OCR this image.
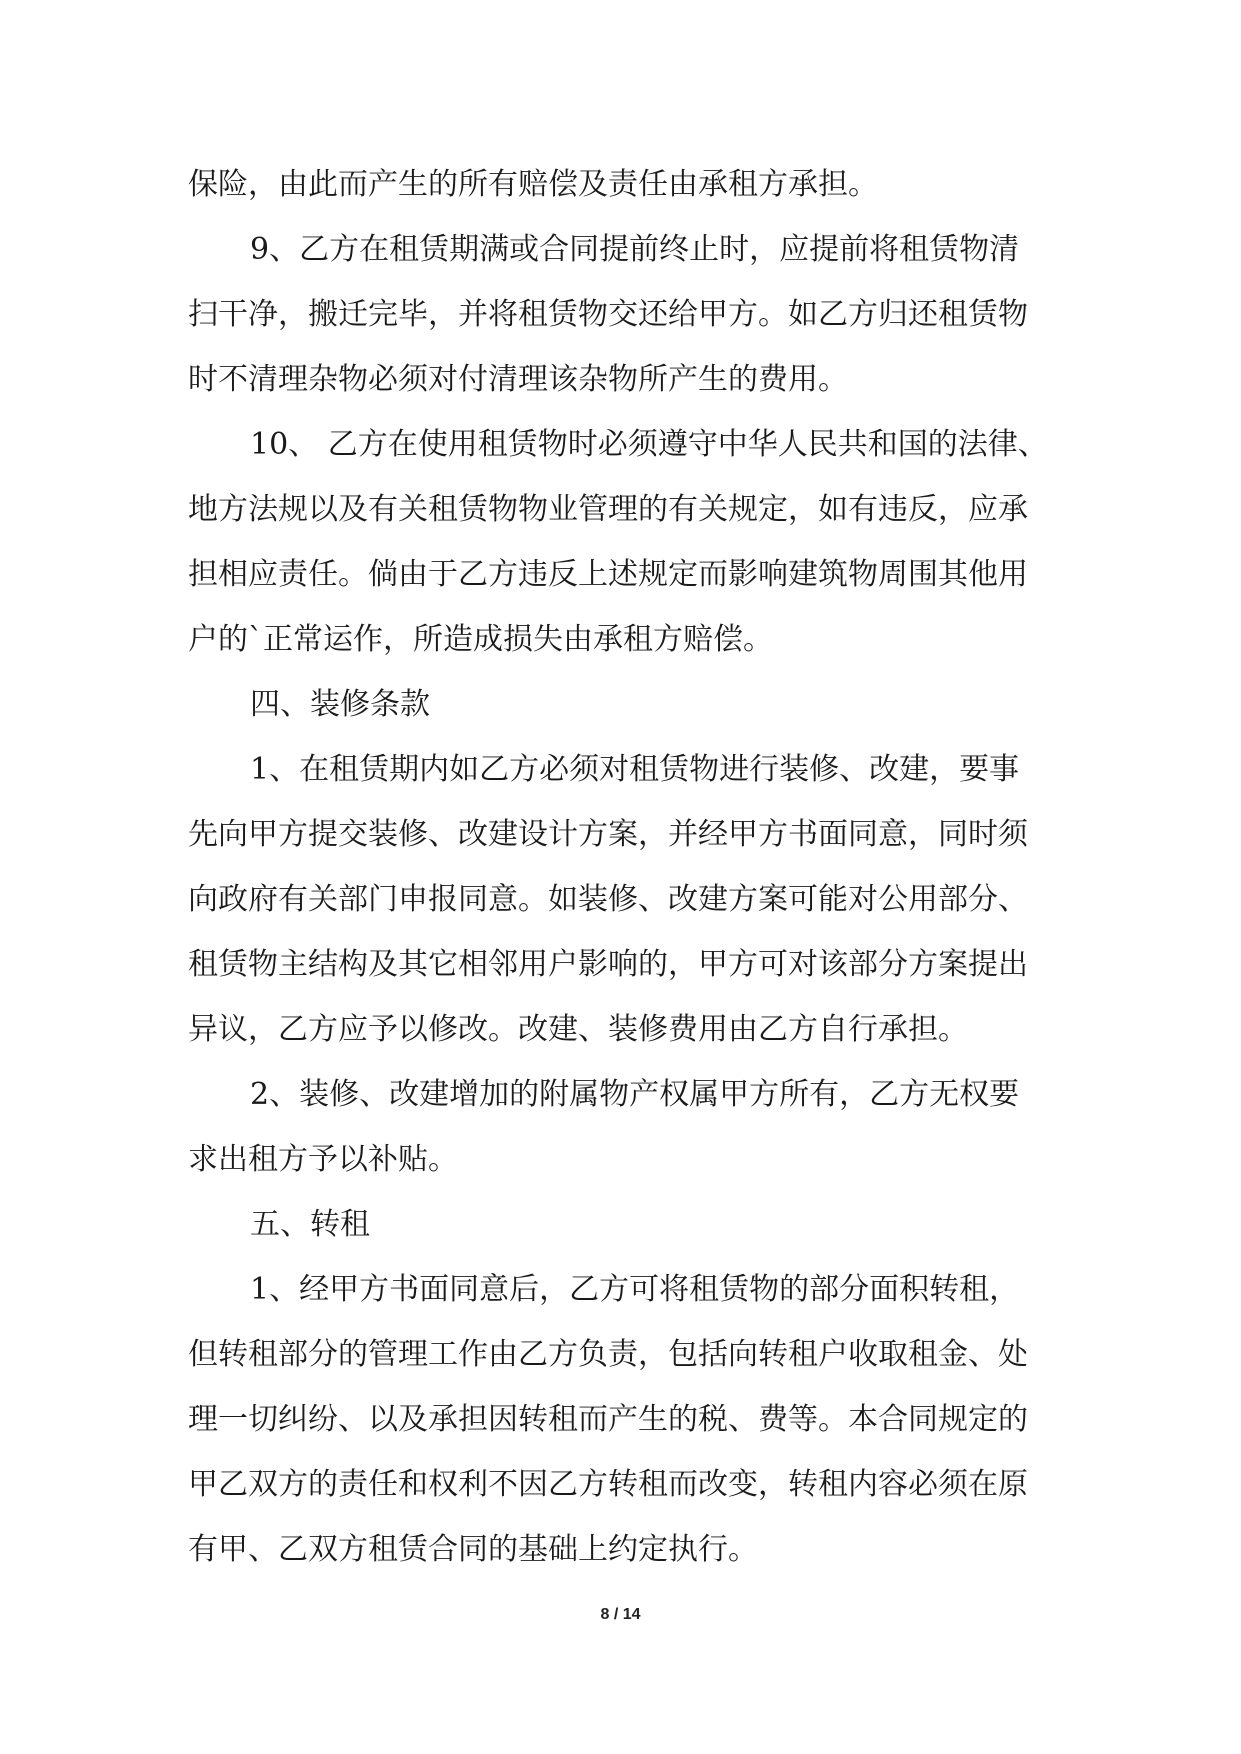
保险，由此而产生的所有赔偿及责任由承租方承担。
9、乙方在租赁期满或合同提前终止时，应提前将租赁物清
扫干净，搬迁完毕，并将租赁物交还给甲方。如乙方归还租赁物
时不清理杂物必须对付清理该杂物所产生的费用。
10、 乙方在使用租赁物时必须遵守中华人民共和国的法律、
地方法规以及有关租赁物物业管理的有关规定，如有违反，应承
担相应责任。倘由于乙方违反上述规定而影响建筑物周围其他用
户的`正常运作，所造成损失由承租方赔偿。
四、装修条款
1、在租赁期内如乙方必须对租赁物进行装修、改建，要事
先向甲方提交装修、改建设计方案，并经甲方书面同意，同时须
向政府有关部门申报同意。如装修、改建方案可能对公用部分、
租赁物主结构及其它相邻用户影响的，甲方可对该部分方案提出
异议，乙方应予以修改。改建、装修费用由乙方自行承担。
2、装修、改建增加的附属物产权属甲方所有，乙方无权要
求出租方予以补贴。
五、转租
1、经甲方书面同意后，乙方可将租赁物的部分面积转租，
但转租部分的管理工作由乙方负责，包括向转租户收取租金、处
理一切纠纷、以及承担因转租而产生的税、费等。本合同规定的
甲乙双方的责任和权利不因乙方转租而改变，转租内容必须在原
有甲、乙双方租赁合同的基础上约定执行。
8 / 14
